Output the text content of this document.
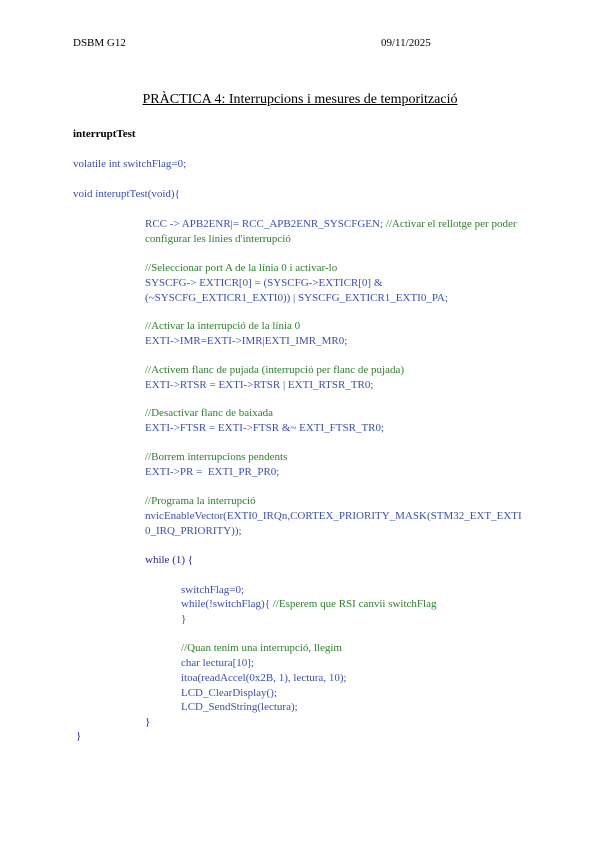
DSBM G12	09/11/2025
PRÀCTICA 4: Interrupcions i mesures de temporització
interruptTest
volatile int switchFlag=0;
void interuptTest(void){
RCC -> APB2ENR|= RCC_APB2ENR_SYSCFGEN; //Activar el rellotge per poder
configurar les línies d'interrupció
//Seleccionar port A de la línia 0 i activar-lo
SYSCFG-> EXTICR[0] = (SYSCFG->EXTICR[0] &
(~SYSCFG_EXTICR1_EXTI0)) | SYSCFG_EXTICR1_EXTI0_PA;
//Activar la interrupció de la línia 0
EXTI->IMR=EXTI->IMR|EXTI_IMR_MR0;
//Activem flanc de pujada (interrupció per flanc de pujada)
EXTI->RTSR = EXTI->RTSR | EXTI_RTSR_TR0;
//Desactivar flanc de baixada
EXTI->FTSR = EXTI->FTSR &~ EXTI_FTSR_TR0;
//Borrem interrupcions pendents
EXTI->PR =  EXTI_PR_PR0;
//Programa la interrupció
nvicEnableVector(EXTI0_IRQn,CORTEX_PRIORITY_MASK(STM32_EXT_EXTI
0_IRQ_PRIORITY));
while (1) {
switchFlag=0;
while(!switchFlag){ //Esperem que RSI canvii switchFlag
}
//Quan tenim una interrupció, llegim
char lectura[10];
itoa(readAccel(0x2B, 1), lectura, 10);
LCD_ClearDisplay();
LCD_SendString(lectura);
}
}
